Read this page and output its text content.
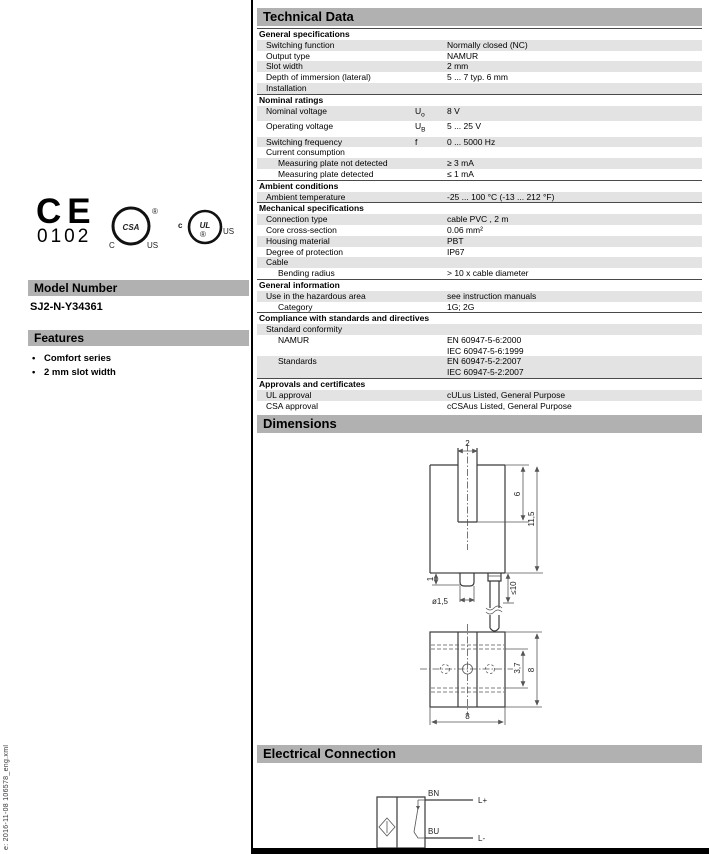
e: 2016-11-08 106578_eng.xml
CE
0102	CSA
®
C	US
c UL
® US
Model Number
SJ2-N-Y34361
Features
• Comfort series
• 2 mm slot width
Technical Data
General specifications
Switching function	Normally closed (NC)
Output type	NAMUR
Slot width	2 mm
Depth of immersion (lateral)	5 ... 7 typ. 6 mm
Installation
Nominal ratings
Nominal voltage	$U_o$	8 V
Operating voltage	$U_B$	5 ... 25 V
Switching frequency	f	0 ... 5000 Hz
Current consumption
Measuring plate not detected	≥ 3 mA
Measuring plate detected	≤ 1 mA
Ambient conditions
Ambient temperature	-25 ... 100 °C (-13 ... 212 °F)
Mechanical specifications
Connection type	cable PVC , 2 m
Core cross-section	0.06 mm²
Housing material	PBT
Degree of protection	IP67
Cable
Bending radius	> 10 x cable diameter
General information
Use in the hazardous area	see instruction manuals
Category	1G; 2G
Compliance with standards and directives
Standard conformity
NAMUR	EN 60947-5-6:2000
IEC 60947-5-6:1999
Standards	EN 60947-5-2:2007
IEC 60947-5-2:2007
Approvals and certificates
UL approval	cULus Listed, General Purpose
CSA approval	cCSAus Listed, General Purpose
Dimensions
2
6
11,5
1
ø1,5
≤10
3,7 8
8
Electrical Connection
BN
L+
BU
L-
